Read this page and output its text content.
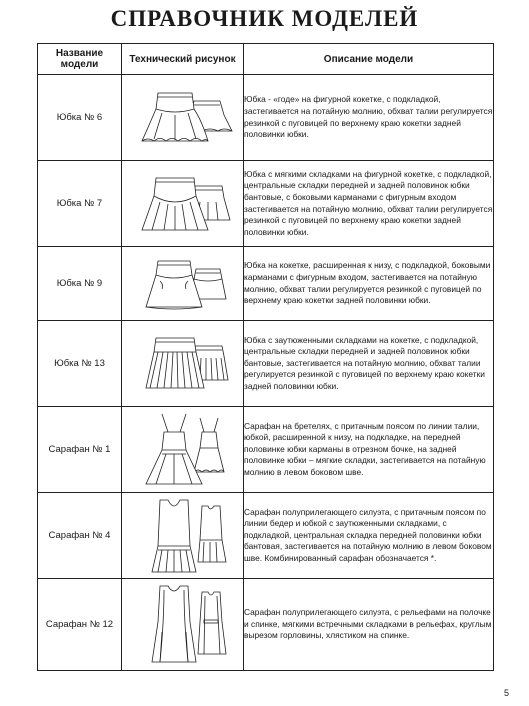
СПРАВОЧНИК МОДЕЛЕЙ
Название модели	Технический рисунок	Описание модели
Юбка № 6		Юбка - «годе» на фигурной кокетке, с подкладкой, застегивается на потайную молнию, обхват талии регулируется резинкой с пуговицей по верхнему краю кокетки задней половинки юбки.
Юбка № 7		Юбка с мягкими складками на фигурной кокетке, с подкладкой, центральные складки передней и задней половинок юбки бантовые, с боковыми карманами с фигурным входом застегивается на потайную молнию, обхват талии регулируется резинкой с пуговицей по верхнему краю кокетки задней половинки юбки.
Юбка № 9		Юбка на кокетке, расширенная к низу, с подкладкой, боковыми карманами с фигурным входом, застегивается на потайную молнию, обхват талии регулируется резинкой с пуговицей по верхнему краю кокетки задней половинки юбки.
Юбка № 13		Юбка с заутюженными складками на кокетке, с подкладкой, центральные складки передней и задней половинок юбки бантовые, застегивается на потайную молнию, обхват талии регулируется резинкой с пуговицей по верхнему краю кокетки задней половинки юбки.
Сарафан № 1		Сарафан на бретелях, с притачным поясом по линии талии, юбкой, расширенной к низу, на подкладке, на передней половинке юбки карманы в отрезном бочке, на задней половинке юбки – мягкие складки, застегивается на потайную молнию в левом боковом шве.
Сарафан № 4		Сарафан полуприлегающего силуэта, с притачным поясом по линии бедер и юбкой с заутюженными складками, с подкладкой, центральная складка передней половинки юбки бантовая, застегивается на потайную молнию в левом боковом шве. Комбинированный сарафан обозначается *.
Сарафан № 12		Сарафан полуприлегающего силуэта, с рельефами на полочке и спинке, мягкими встречными складками в рельефах, круглым вырезом горловины, хлястиком на спинке.
5
